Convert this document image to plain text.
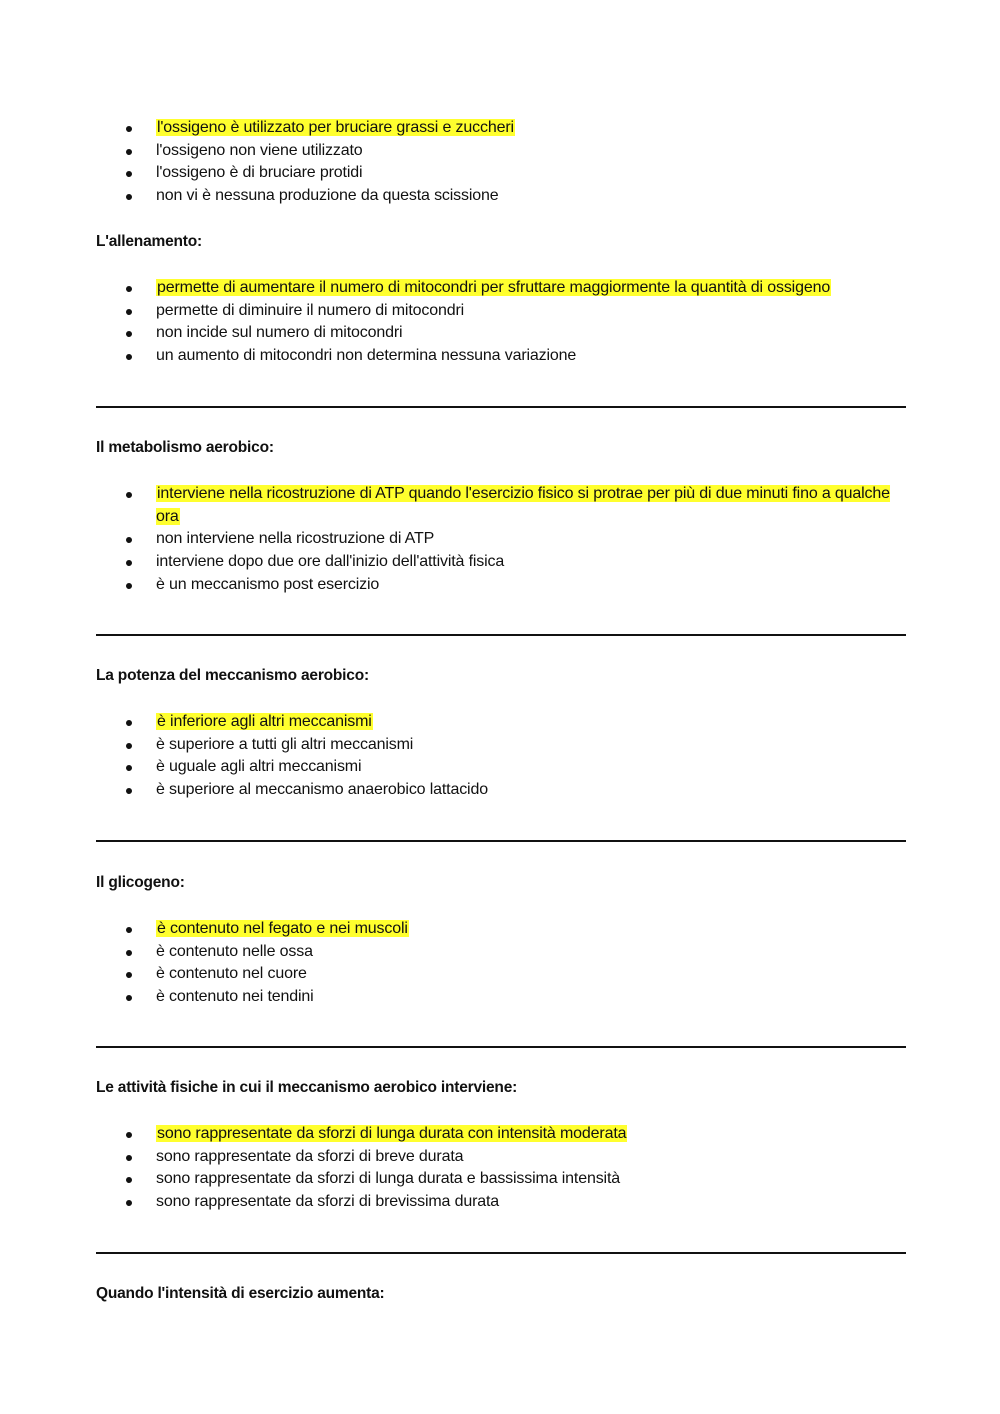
l'ossigeno è utilizzato per bruciare grassi e zuccheri
l'ossigeno non viene utilizzato
l'ossigeno è di bruciare protidi
non vi è nessuna produzione da questa scissione
L'allenamento:
permette di aumentare il numero di mitocondri per sfruttare maggiormente la quantità di ossigeno
permette di diminuire il numero di mitocondri
non incide sul numero di mitocondri
un aumento di mitocondri non determina nessuna variazione
Il metabolismo aerobico:
interviene nella ricostruzione di ATP quando l'esercizio fisico si protrae per più di due minuti fino a qualche ora
non interviene nella ricostruzione di ATP
interviene dopo due ore dall'inizio dell'attività fisica
è un meccanismo post esercizio
La potenza del meccanismo aerobico:
è inferiore agli altri meccanismi
è superiore a tutti gli altri meccanismi
è uguale agli altri meccanismi
è superiore al meccanismo anaerobico lattacido
Il glicogeno:
è contenuto nel fegato e nei muscoli
è contenuto nelle ossa
è contenuto nel cuore
è contenuto nei tendini
Le attività fisiche in cui il meccanismo aerobico interviene:
sono rappresentate da sforzi di lunga durata con intensità moderata
sono rappresentate da sforzi di breve durata
sono rappresentate da sforzi di lunga durata e bassissima intensità
sono rappresentate da sforzi di brevissima durata
Quando l'intensità di esercizio aumenta:
